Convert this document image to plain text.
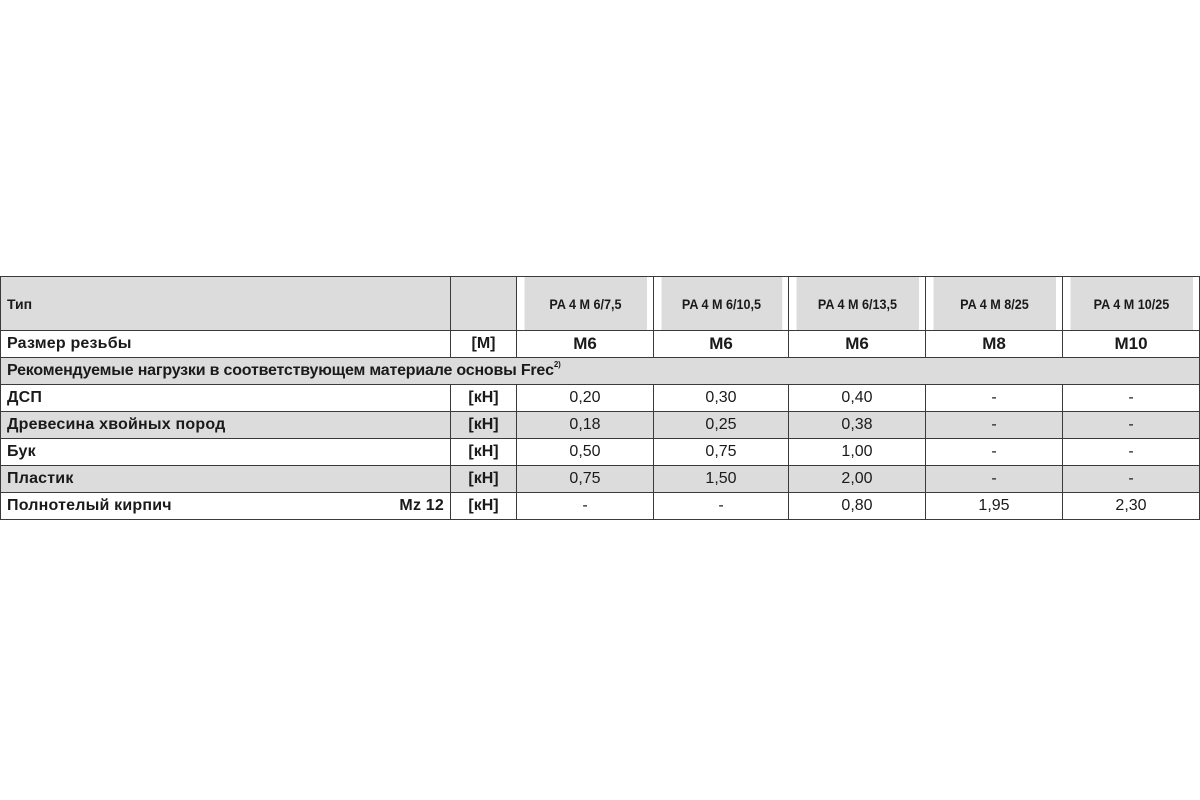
Тип		PA 4 M 6/7,5	PA 4 M 6/10,5	PA 4 M 6/13,5	PA 4 M 8/25	PA 4 M 10/25
Размер резьбы	[M]	M6	M6	M6	M8	M10
Рекомендуемые нагрузки в соответствующем материале основы Frec$^{2)}$

ДСП	[кН]	0,20	0,30	0,40	-	-

Древесина хвойных пород	[кН]	0,18	0,25	0,38	-	-

Бук	[кН]	0,50	0,75	1,00	-	-

Пластик	[кН]	0,75	1,50	2,00	-	-

Полнотелый кирпич Mz 12	[кН]	-	-	0,80	1,95	2,30
